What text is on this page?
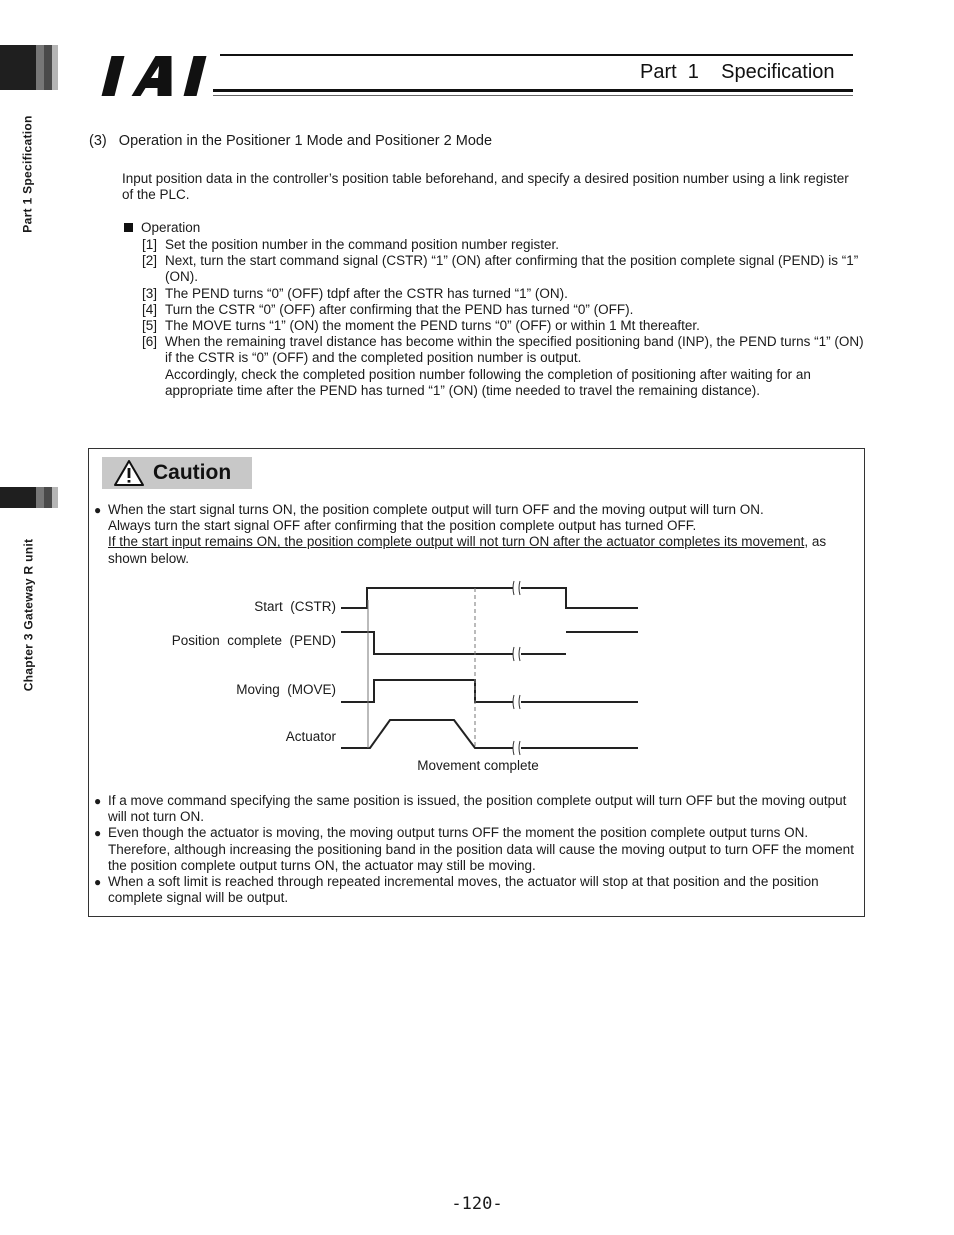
Part 1 Specification
Chapter 3 Gateway R unit
IAI
Part  1    Specification
(3)   Operation in the Positioner 1 Mode and Positioner 2 Mode
Input position data in the controller’s position table beforehand, and specify a desired position number using a link register of the PLC.
Operation
[1] Set the position number in the command position number register.
[2] Next, turn the start command signal (CSTR) “1” (ON) after confirming that the position complete signal (PEND) is “1” (ON).
[3] The PEND turns “0” (OFF) tdpf after the CSTR has turned “1” (ON).
[4] Turn the CSTR “0” (OFF) after confirming that the PEND has turned “0” (OFF).
[5] The MOVE turns “1” (ON) the moment the PEND turns “0” (OFF) or within 1 Mt thereafter.
[6] When the remaining travel distance has become within the specified positioning band (INP), the PEND turns “1” (ON) if the CSTR is “0” (OFF) and the completed position number is output.
Accordingly, check the completed position number following the completion of positioning after waiting for an appropriate time after the PEND has turned “1” (ON) (time needed to travel the remaining distance).
Caution
● When the start signal turns ON, the position complete output will turn OFF and the moving output will turn ON.
Always turn the start signal OFF after confirming that the position complete output has turned OFF.
If the start input remains ON, the position complete output will not turn ON after the actuator completes its movement, as shown below.
Start  (CSTR)
Position  complete  (PEND)
Moving  (MOVE)
Actuator
Movement complete
● If a move command specifying the same position is issued, the position complete output will turn OFF but the moving output will not turn ON.
● Even though the actuator is moving, the moving output turns OFF the moment the position complete output turns ON. Therefore, although increasing the positioning band in the position data will cause the moving output to turn OFF the moment the position complete output turns ON, the actuator may still be moving.
● When a soft limit is reached through repeated incremental moves, the actuator will stop at that position and the position complete signal will be output.
-120-
